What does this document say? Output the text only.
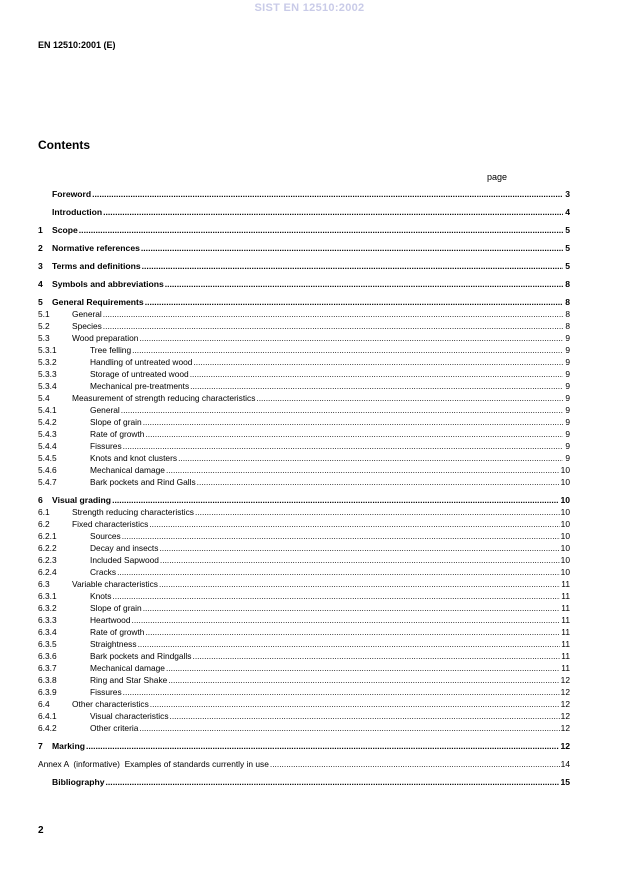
SIST EN 12510:2002
EN 12510:2001 (E)
Contents
page
Foreword .....	3
Introduction .....	4
1	Scope .....	5
2	Normative references .....	5
3	Terms and definitions .....	5
4	Symbols and abbreviations .....	8
5	General Requirements .....	8
5.1	General .....	8
5.2	Species .....	8
5.3	Wood preparation .....	9
5.3.1	Tree felling .....	9
5.3.2	Handling of untreated wood .....	9
5.3.3	Storage of untreated wood .....	9
5.3.4	Mechanical pre-treatments .....	9
5.4	Measurement of strength reducing characteristics .....	9
5.4.1	General .....	9
5.4.2	Slope of grain .....	9
5.4.3	Rate of growth .....	9
5.4.4	Fissures .....	9
5.4.5	Knots and knot clusters .....	9
5.4.6	Mechanical damage .....	10
5.4.7	Bark pockets and Rind Galls .....	10
6	Visual grading .....	10
6.1	Strength reducing characteristics .....	10
6.2	Fixed characteristics .....	10
6.2.1	Sources .....	10
6.2.2	Decay and insects .....	10
6.2.3	Included Sapwood .....	10
6.2.4	Cracks .....	10
6.3	Variable characteristics .....	11
6.3.1	Knots .....	11
6.3.2	Slope of grain .....	11
6.3.3	Heartwood .....	11
6.3.4	Rate of growth .....	11
6.3.5	Straightness .....	11
6.3.6	Bark pockets and Rindgalls .....	11
6.3.7	Mechanical damage .....	11
6.3.8	Ring and Star Shake .....	12
6.3.9	Fissures .....	12
6.4	Other characteristics .....	12
6.4.1	Visual characteristics .....	12
6.4.2	Other criteria .....	12
7	Marking .....	12
Annex A (informative) Examples of standards currently in use .....	14
Bibliography .....	15
2
